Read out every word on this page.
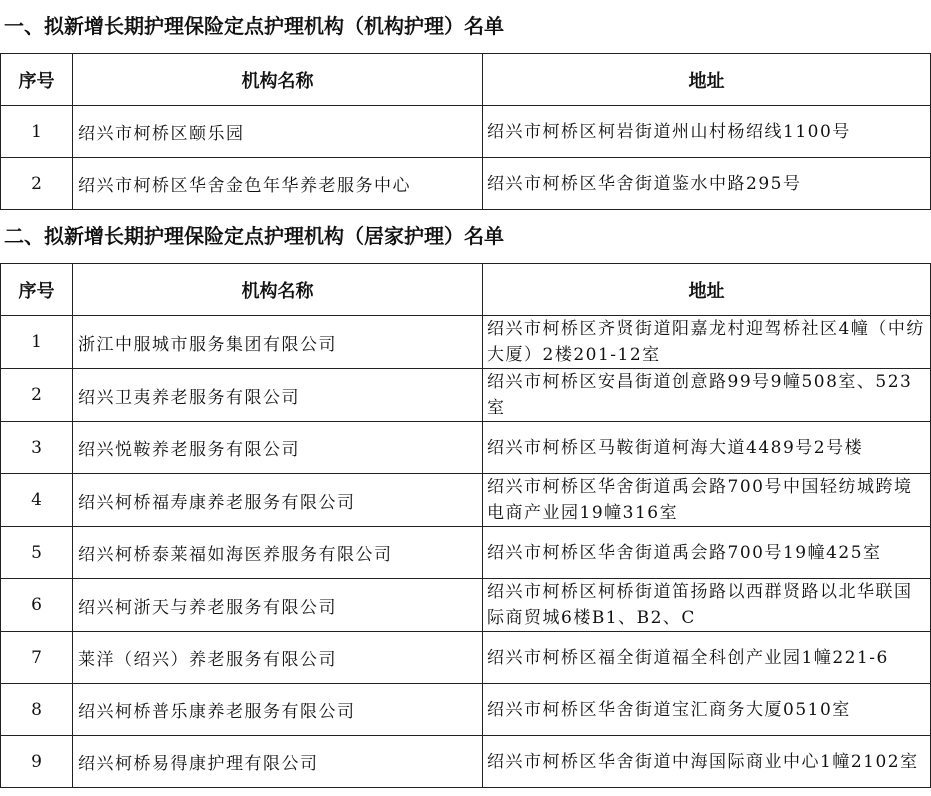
一、拟新增长期护理保险定点护理机构（机构护理）名单
序号	机构名称	地址
1	绍兴市柯桥区颐乐园	绍兴市柯桥区柯岩街道州山村杨绍线1100号
2	绍兴市柯桥区华舍金色年华养老服务中心	绍兴市柯桥区华舍街道鉴水中路295号
二、拟新增长期护理保险定点护理机构（居家护理）名单
序号	机构名称	地址
1	浙江中服城市服务集团有限公司	绍兴市柯桥区齐贤街道阳嘉龙村迎驾桥社区4幢（中纺大厦）2楼201-12室
2	绍兴卫夷养老服务有限公司	绍兴市柯桥区安昌街道创意路99号9幢508室、523室
3	绍兴悦鞍养老服务有限公司	绍兴市柯桥区马鞍街道柯海大道4489号2号楼
4	绍兴柯桥福寿康养老服务有限公司	绍兴市柯桥区华舍街道禹会路700号中国轻纺城跨境电商产业园19幢316室
5	绍兴柯桥泰莱福如海医养服务有限公司	绍兴市柯桥区华舍街道禹会路700号19幢425室
6	绍兴柯浙天与养老服务有限公司	绍兴市柯桥区柯桥街道笛扬路以西群贤路以北华联国际商贸城6楼B1、B2、C
7	莱洋（绍兴）养老服务有限公司	绍兴市柯桥区福全街道福全科创产业园1幢221-6
8	绍兴柯桥普乐康养老服务有限公司	绍兴市柯桥区华舍街道宝汇商务大厦0510室
9	绍兴柯桥易得康护理有限公司	绍兴市柯桥区华舍街道中海国际商业中心1幢2102室
